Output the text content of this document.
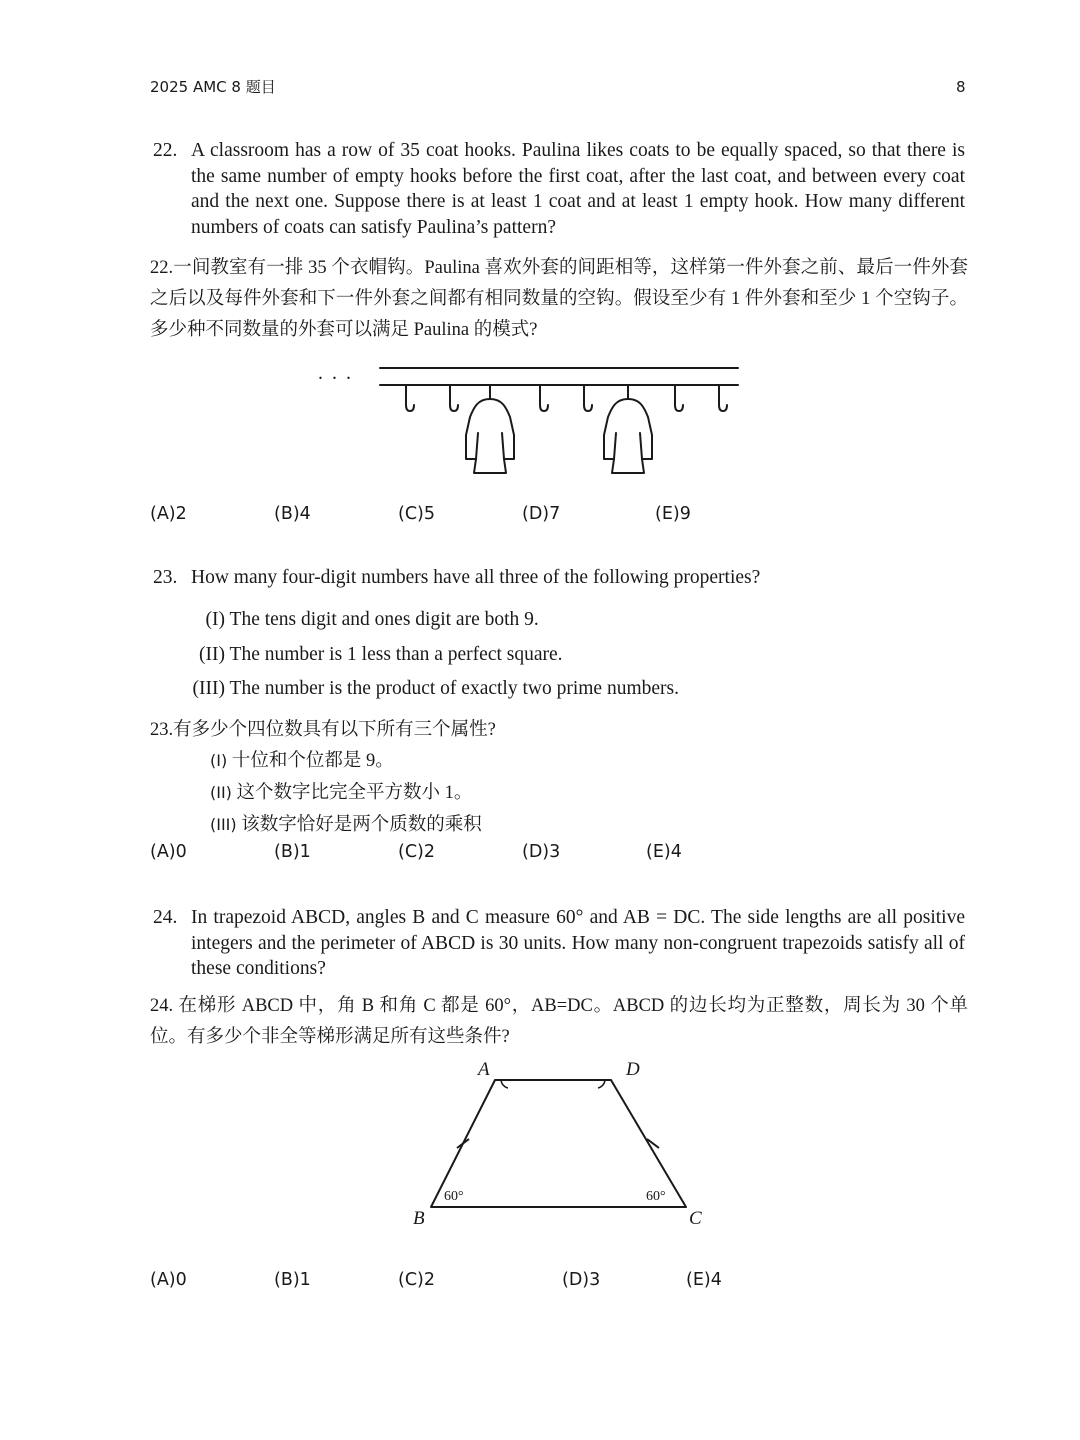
2025 AMC 8 题目	8
22. A classroom has a row of 35 coat hooks. Paulina likes coats to be equally spaced, so that there is the same number of empty hooks before the first coat, after the last coat, and between every coat and the next one. Suppose there is at least 1 coat and at least 1 empty hook. How many different numbers of coats can satisfy Paulina’s pattern?
22.一间教室有一排 35 个衣帽钩。Paulina 喜欢外套的间距相等，这样第一件外套之前、最后一件外套之后以及每件外套和下一件外套之间都有相同数量的空钩。假设至少有 1 件外套和至少 1 个空钩子。多少种不同数量的外套可以满足 Paulina 的模式?
. . .
(A)2	(B)4	(C)5	(D)7	(E)9
23. How many four-digit numbers have all three of the following properties?
(I) The tens digit and ones digit are both 9.
(II) The number is 1 less than a perfect square.
(III) The number is the product of exactly two prime numbers.
23.有多少个四位数具有以下所有三个属性?
(I) 十位和个位都是 9。
(II) 这个数字比完全平方数小 1。
(III) 该数字恰好是两个质数的乘积
(A)0	(B)1	(C)2	(D)3	(E)4
24. In trapezoid ABCD, angles B and C measure 60° and AB = DC. The side lengths are all positive integers and the perimeter of ABCD is 30 units. How many non-congruent trapezoids satisfy all of these conditions?
24. 在梯形 ABCD 中，角 B 和角 C 都是 60°，AB=DC。ABCD 的边长均为正整数，周长为 30 个单位。有多少个非全等梯形满足所有这些条件?
A	D
B	C
60°	60°
(A)0	(B)1	(C)2	(D)3	(E)4
